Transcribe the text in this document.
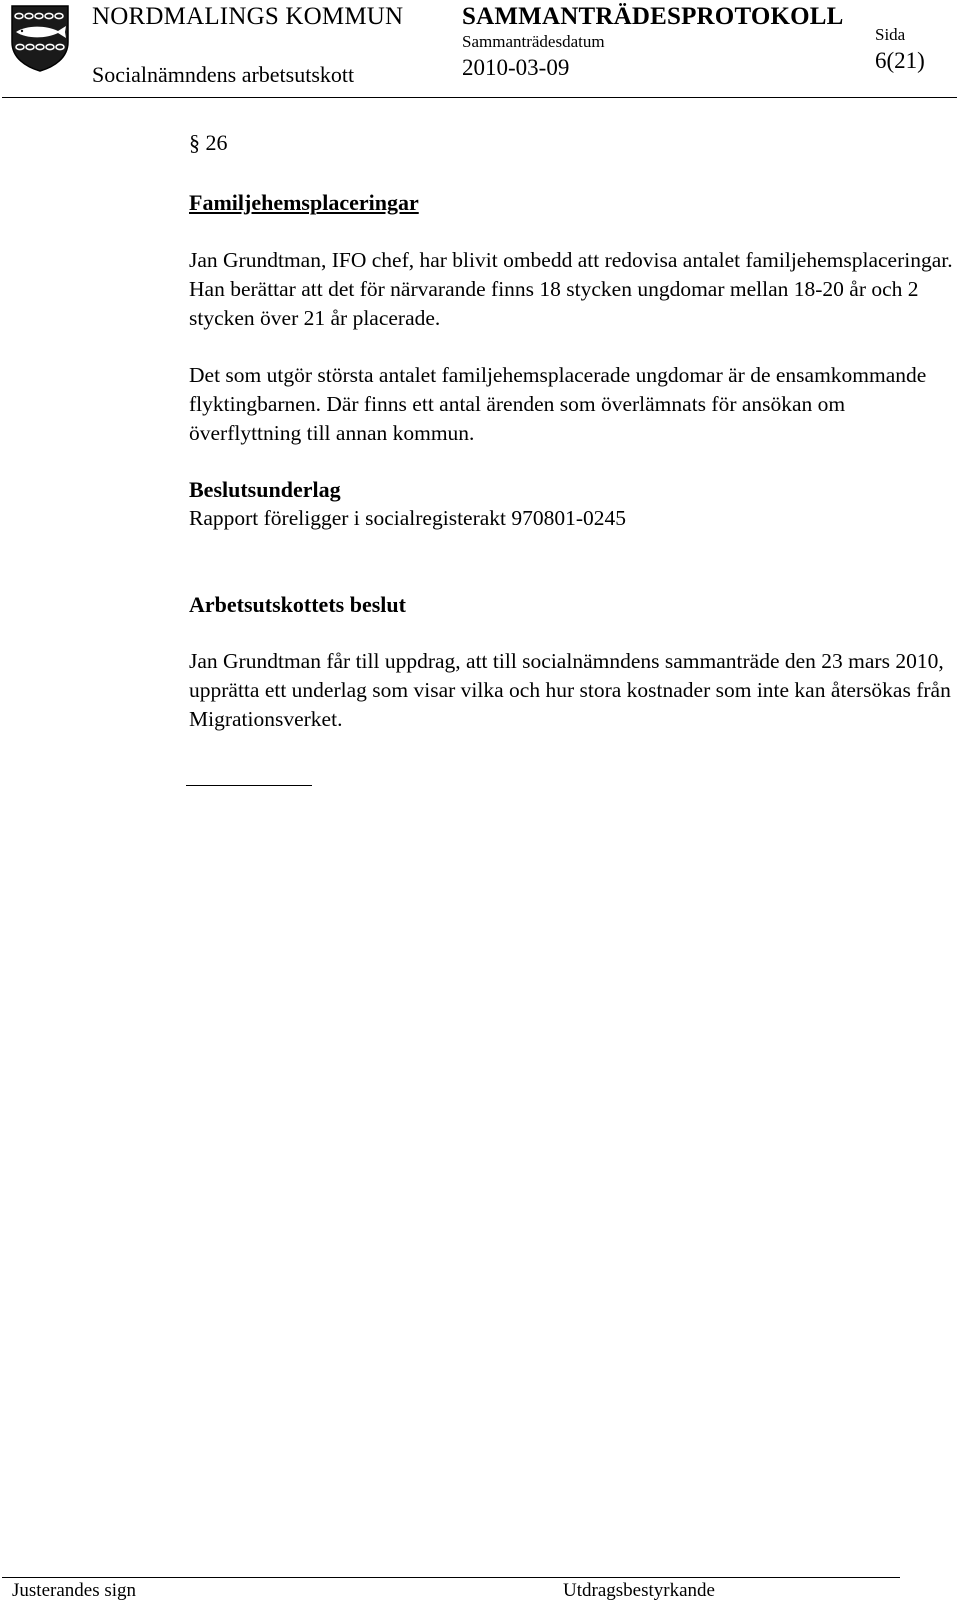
NORDMALINGS KOMMUN SAMMANTRÄDESPROTOKOLL
Sammanträdesdatum	Sida
Socialnämndens arbetsutskott	2010-03-09	6(21)
§ 26
Familjehemsplaceringar

Jan Grundtman, IFO chef, har blivit ombedd att redovisa antalet familjehemsplaceringar. Han berättar att det för närvarande finns 18 stycken ungdomar mellan 18-20 år och 2 stycken över 21 år placerade.

Det som utgör största antalet familjehemsplacerade ungdomar är de ensamkommande flyktingbarnen. Där finns ett antal ärenden som överlämnats för ansökan om överflyttning till annan kommun.

Beslutsunderlag
Rapport föreligger i socialregisterakt 970801-0245
Arbetsutskottets beslut

Jan Grundtman får till uppdrag, att till socialnämndens sammanträde den 23 mars 2010, upprätta ett underlag som visar vilka och hur stora kostnader som inte kan återsökas från Migrationsverket.

Justerandes sign	Utdragsbestyrkande
